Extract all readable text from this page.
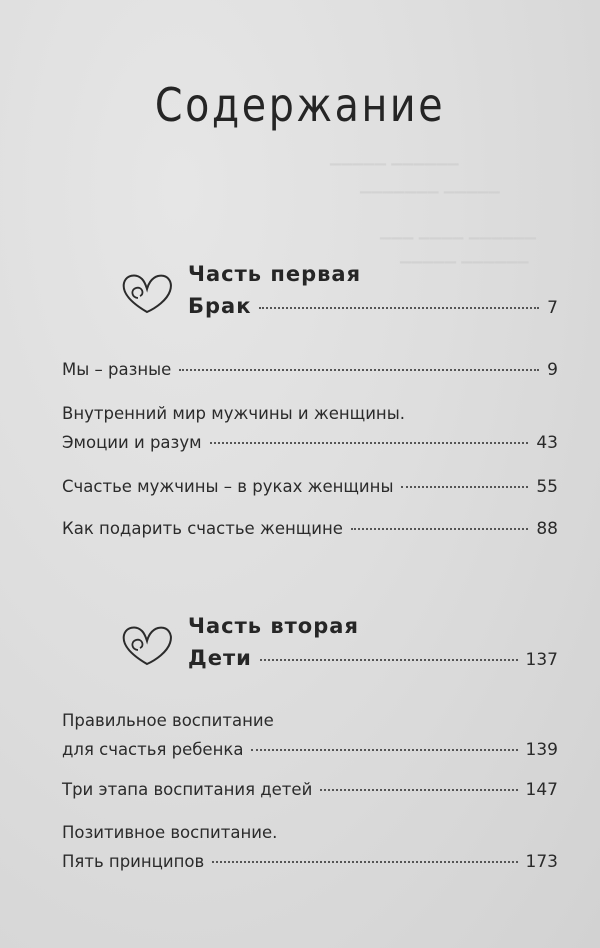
▁▁▁▁▁ ▁▁▁▁▁▁
▁▁▁▁▁▁▁ ▁▁▁▁▁
▁▁▁ ▁▁▁▁ ▁▁▁▁▁▁
▁▁▁▁▁ ▁▁▁▁▁▁
Содержание
Часть первая
Брак	7
Мы – разные	9
Внутренний мир мужчины и женщины.
Эмоции и разум	43
Счастье мужчины – в руках женщины	55
Как подарить счастье женщине	88
Часть вторая
Дети	137
Правильное воспитание
для счастья ребенка	139
Три этапа воспитания детей	147
Позитивное воспитание.
Пять принципов	173
